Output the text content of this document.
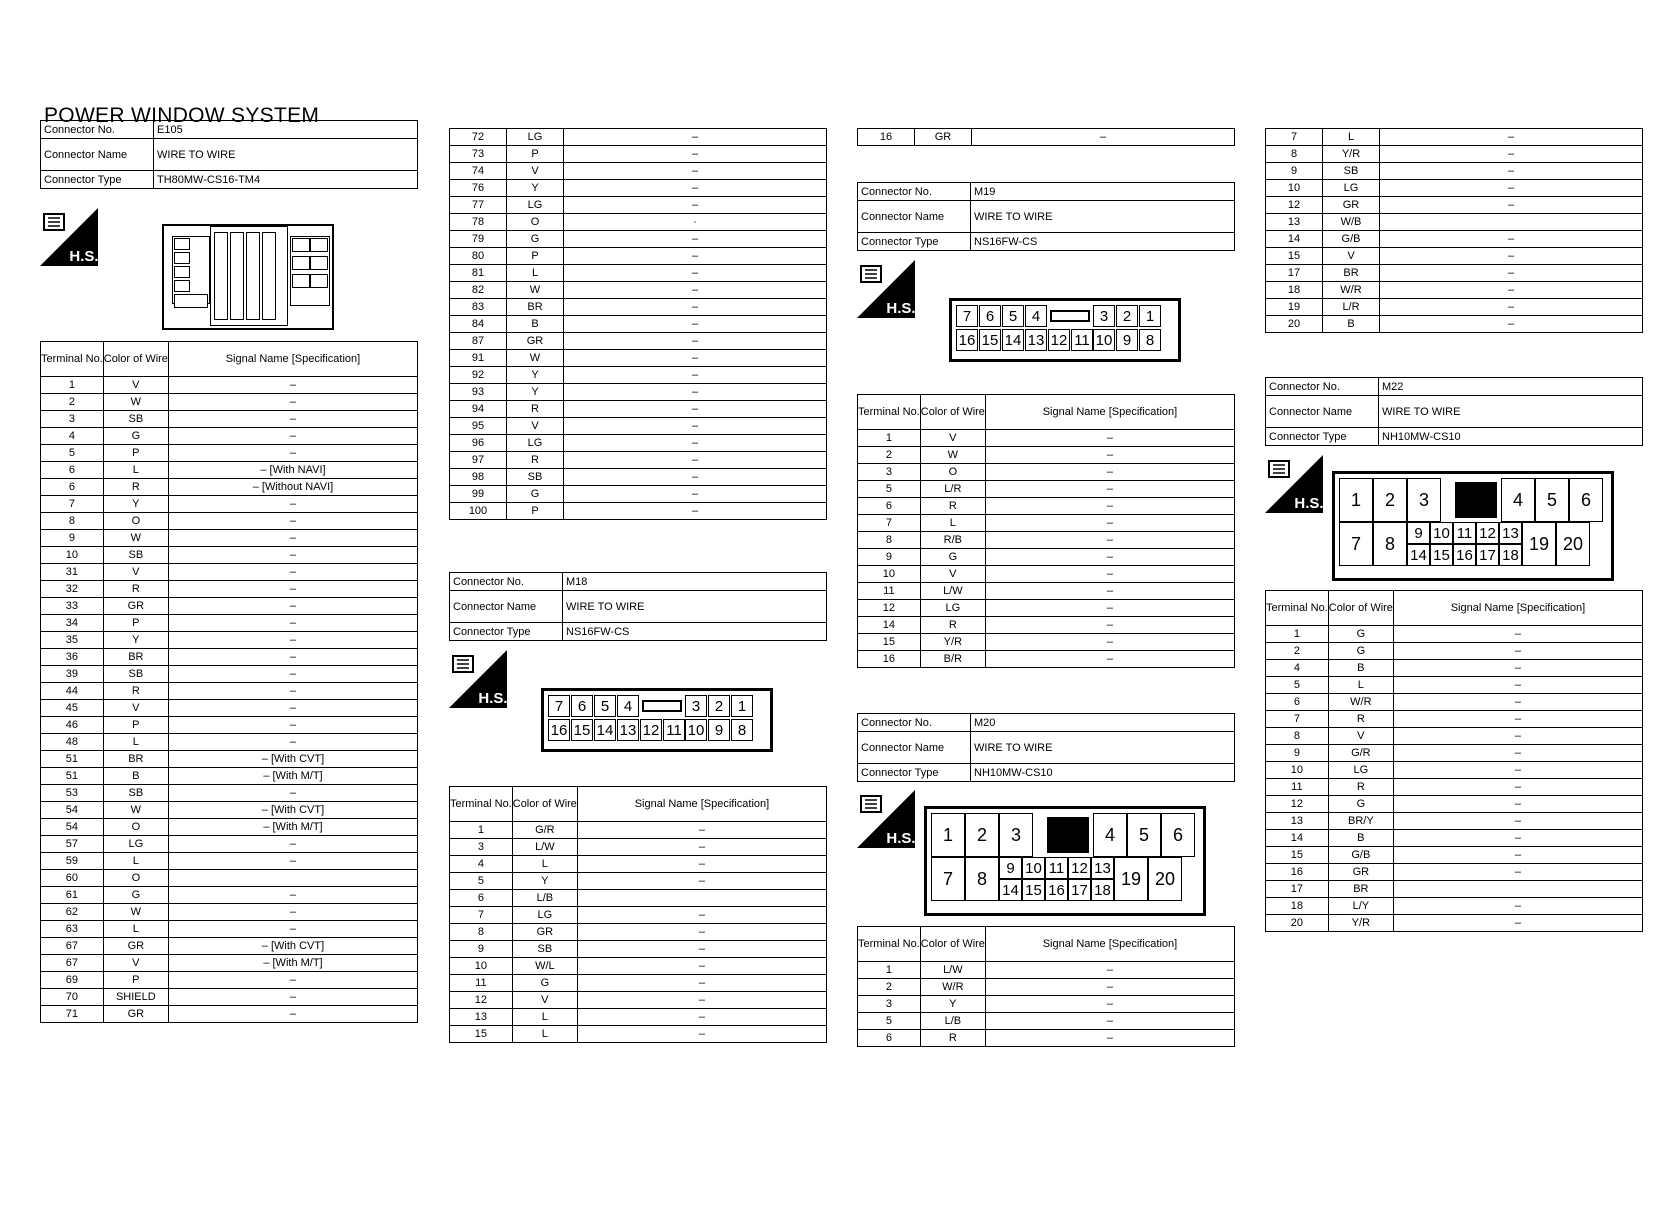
POWER WINDOW SYSTEM
Connector No.	E105
Connector Name	WIRE TO WIRE
Connector Type	TH80MW-CS16-TM4
H.S.
Terminal No.	Color of Wire	Signal Name [Specification]
1	V	–
2	W	–
3	SB	–
4	G	–
5	P	–
6	L	– [With NAVI]
6	R	– [Without NAVI]
7	Y	–
8	O	–
9	W	–
10	SB	–
31	V	–
32	R	–
33	GR	–
34	P	–
35	Y	–
36	BR	–
39	SB	–
44	R	–
45	V	–
46	P	–
48	L	–
51	BR	– [With CVT]
51	B	– [With M/T]
53	SB	–
54	W	– [With CVT]
54	O	– [With M/T]
57	LG	–
59	L	–
60	O	
61	G	–
62	W	–
63	L	–
67	GR	– [With CVT]
67	V	– [With M/T]
69	P	–
70	SHIELD	–
71	GR	–
72	LG	–
73	P	–
74	V	–
76	Y	–
77	LG	–
78	O	·
79	G	–
80	P	–
81	L	–
82	W	–
83	BR	–
84	B	–
87	GR	–
91	W	–
92	Y	–
93	Y	–
94	R	–
95	V	–
96	LG	–
97	R	–
98	SB	–
99	G	–
100	P	–
Connector No.	M18
Connector Name	WIRE TO WIRE
Connector Type	NS16FW-CS
H.S.	7 6 5 4	3 2 1
16 15 14 13 12 11 10 9 8
Terminal No.	Color of Wire	Signal Name [Specification]
1	G/R	–
3	L/W	–
4	L	–
5	Y	–
6	L/B	
7	LG	–
8	GR	–
9	SB	–
10	W/L	–
11	G	–
12	V	–
13	L	–
15	L	–
16	GR	–
Connector No.	M19
Connector Name	WIRE TO WIRE
Connector Type	NS16FW-CS
H.S.	7 6 5 4	3 2 1
16 15 14 13 12 11 10 9 8
Terminal No.	Color of Wire	Signal Name [Specification]
1	V	–
2	W	–
3	O	–
5	L/R	–
6	R	–
7	L	–
8	R/B	–
9	G	–
10	V	–
11	L/W	–
12	LG	–
14	R	–
15	Y/R	–
16	B/R	–
Connector No.	M20
Connector Name	WIRE TO WIRE
Connector Type	NH10MW-CS10
H.S.	1	2	3	4	5	6
7	8	19 20
9 10 11 12 13
14 15 16 17 18
Terminal No.	Color of Wire	Signal Name [Specification]
1	L/W	–
2	W/R	–
3	Y	–
5	L/B	–
6	R	–
7	L	–
8	Y/R	–
9	SB	–
10	LG	–
12	GR	–
13	W/B	
14	G/B	–
15	V	–
17	BR	–
18	W/R	–
19	L/R	–
20	B	–
Connector No.	M22
Connector Name	WIRE TO WIRE
Connector Type	NH10MW-CS10
H.S.	1	2	3	4	5	6
7	8	19 20
9 10 11 12 13
14 15 16 17 18
Terminal No.	Color of Wire	Signal Name [Specification]
1	G	–
2	G	–
4	B	–
5	L	–
6	W/R	–
7	R	–
8	V	–
9	G/R	–
10	LG	–
11	R	–
12	G	–
13	BR/Y	–
14	B	–
15	G/B	–
16	GR	–
17	BR	
18	L/Y	–
20	Y/R	–
